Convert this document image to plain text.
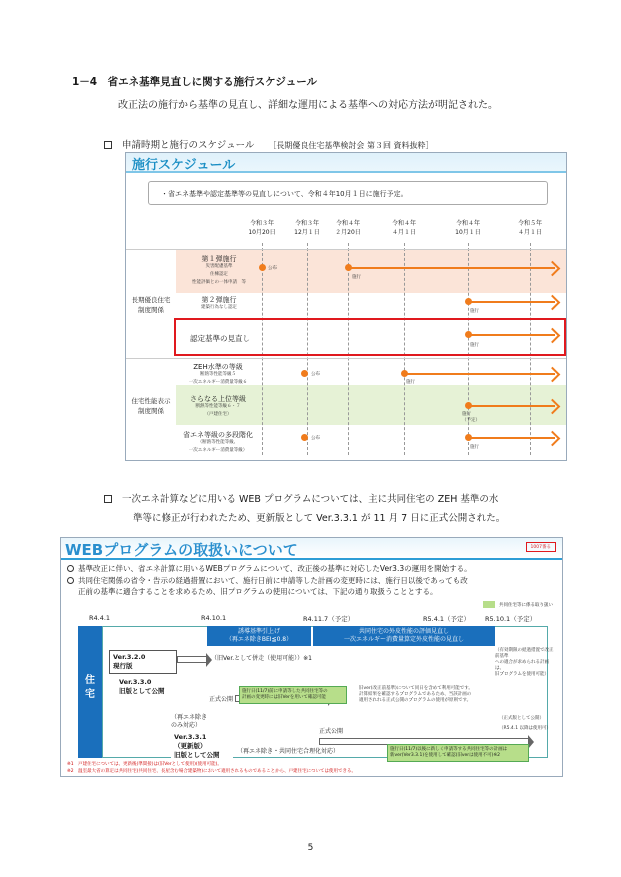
1－4　省エネ基準見直しに関する施行スケジュール
改正法の施行から基準の見直し、詳細な運用による基準への対応方法が明記された。
申請時期と施行のスケジュール ［長期優良住宅基準検討会 第３回 資料抜粋］
施行スケジュール
・省エネ基準や認定基準等の見直しについて、令和４年10月１日に施行予定。
令和３年
10月20日
令和３年
12月１日
令和４年
２月20日
令和４年
４月１日
令和４年
10月１日
令和５年
４月１日
長期優良住宅
制度関係
住宅性能表示
制度関係
第１弾施行
災害配慮基準
住棟認定
性能評価との一体申請　等
第２弾施行
建築行為なし認定
認定基準の見直し
ZEH水準の等級
断熱等性能等級５
一次エネルギー消費量等級６
さらなる上位等級
断熱等性能等級６・７
（戸建住宅）
省エネ等級の多段階化
（断熱等性能等級、
一次エネルギー消費量等級）
公布
施行
施行
施行
公布
施行
施行
（予定）
公布
施行
一次エネ計算などに用いる WEB プログラムについては、主に共同住宅の ZEH 基準の水
準等に修正が行われたため、更新版として Ver.3.3.1 が 11 月 7 日に正式公開された。
WEBプログラムの取扱いについて	1007番る
基準改正に伴い、省エネ計算に用いるWEBプログラムについて、改正後の基準に対応したVer3.3の運用を開始する。
共同住宅関係の省令・告示の経過措置において、施行日前に申請等した計画の変更時には、施行日以後であっても改
正前の基準に適合することを求めるため、旧プログラムの使用については、下記の通り取扱うこととする。
共同住宅等に係る取り扱い
R4.4.1	R4.10.1	R4.11.7（予定）	R5.4.1（予定） R5.10.1（予定）
住
宅
誘導基準引上げ
（再エネ除きBEI≦0.8）
共同住宅の外皮性能の評価見直し
一次エネルギー消費量算定外皮性能の見直し
Ver.3.2.0
現行版
（旧Ver.として併走（使用可能））※1
Ver.3.3.0
旧版として公開
（再エネ除き
のみ対応）
正式公開
Ver.3.3.1
（更新版）
旧版として公開
正式公開
（再エネ除き・共同住宅合理化対応）
施行日(11/7)前に申請等した共同住宅等の
計画の変更時には旧Verを用いて確認可能
施行日(11/7)以後に新しく申請等する共同住宅等の計画は
新ver(Ver3.3.1)を使用して確認(旧verは使用不可)※2
旧ver(改正前基準)について同日を含めて利用可能です。
計算結果を確認するプログラムであるため、当該計画の
適用されれる正式公開のプログラムの使用が原則です。
（有効期限の経過措置で改正前基準
への適合が求められる計画は、
旧プログラムを使用可能）
（正式版として公開）
（R5.4.1 以降は使用可）
※1　戸建住宅については、更新後(準間接)は(旧Verとして使用)(使用可能)。
※2　温室最大省の算定は共同住宅(共同住宅、長屋含む場合建築物)において適用されるものであることから、戸建住宅については使用できる。
5
